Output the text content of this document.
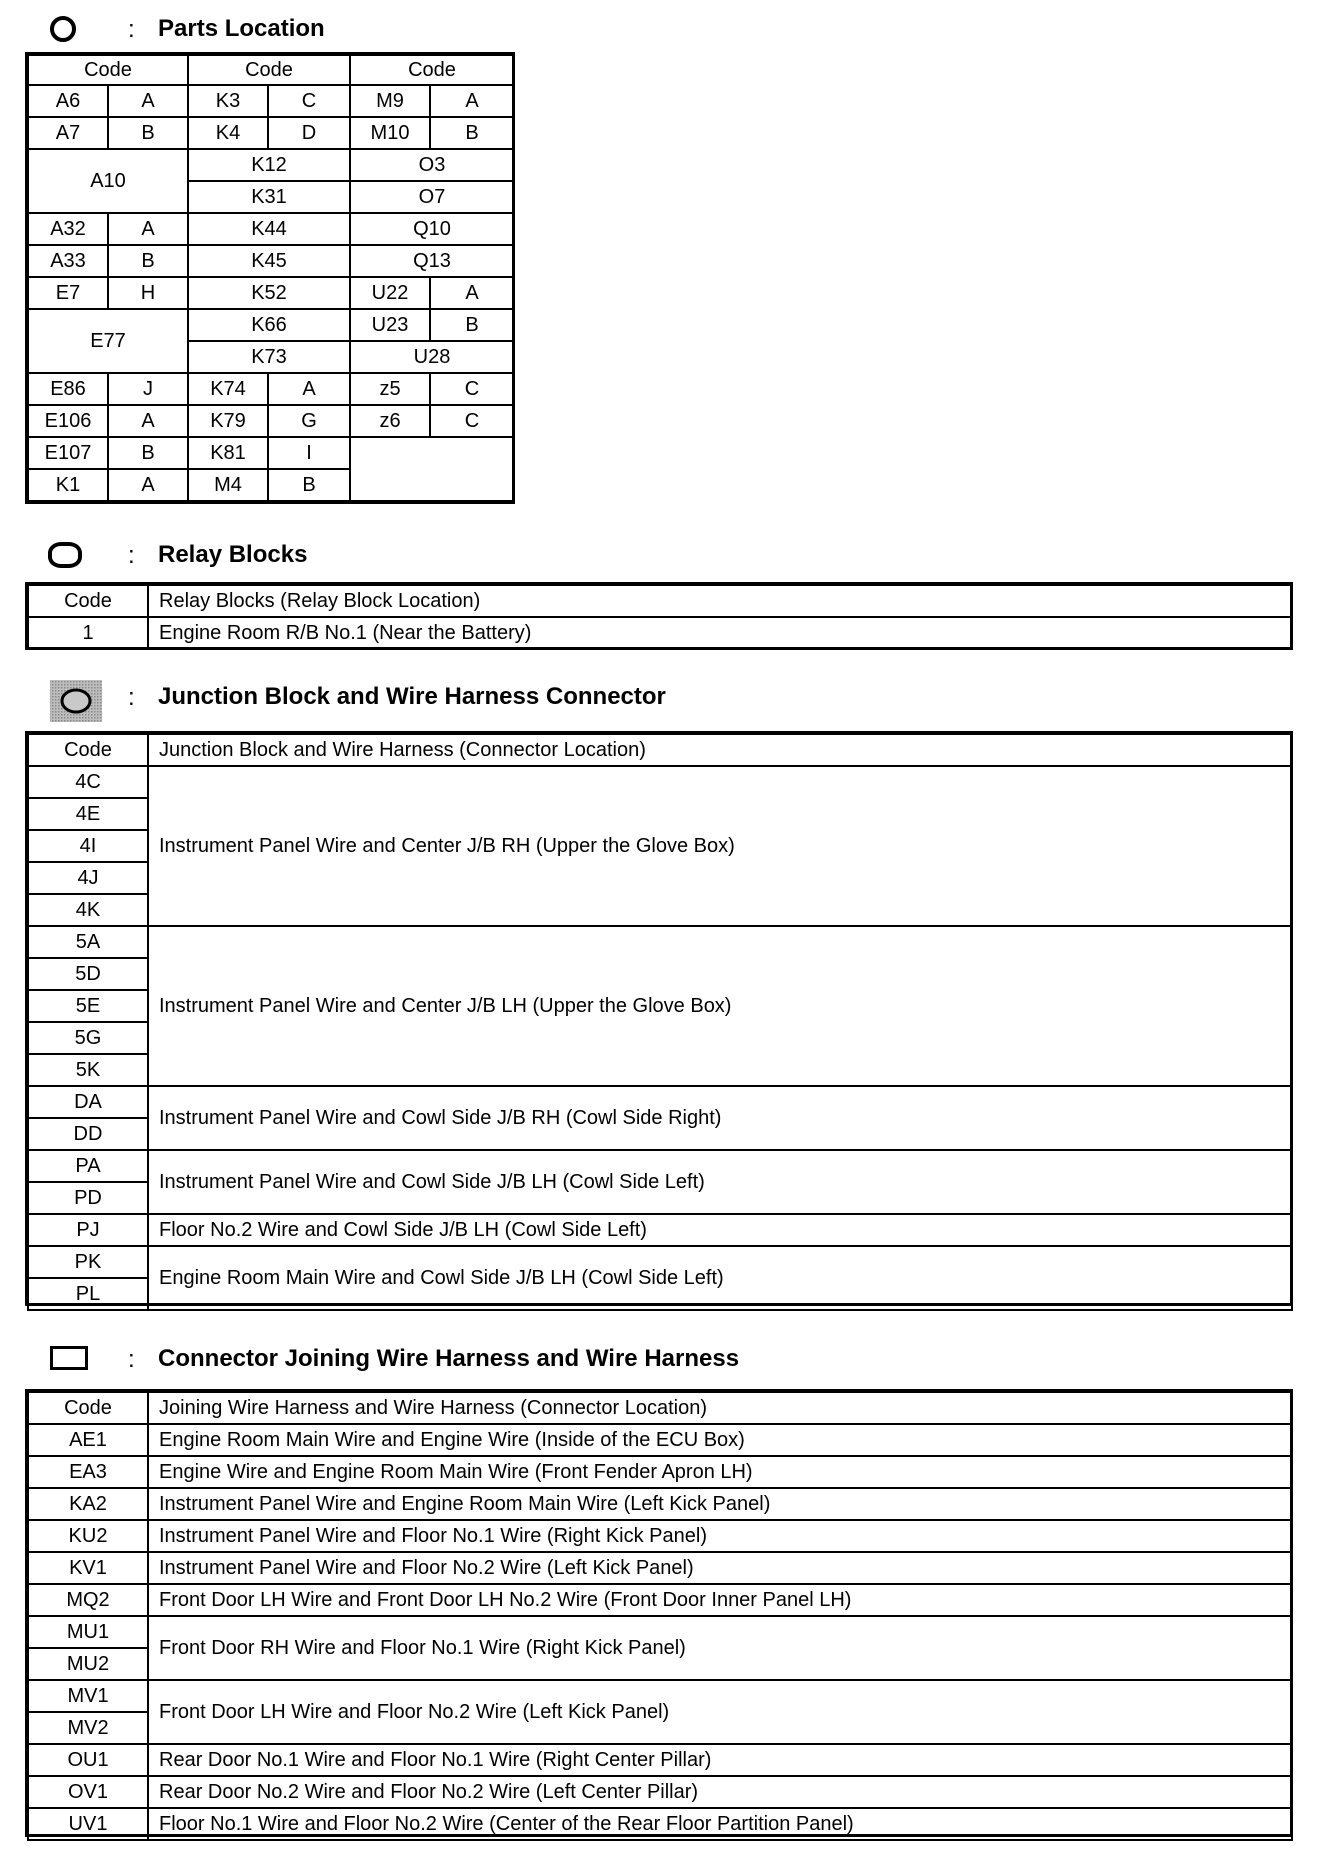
: Parts Location
Code		Code		Code	
A6	A	K3	C	M9	A
A7	B	K4	D	M10	B
A10		K12		O3	
		K31		O7	
A32	A	K44		Q10	
A33	B	K45		Q13	
E7	H	K52		U22	A
E77		K66		U23	B
		K73		U28	
E86	J	K74	A	z5	C
E106	A	K79	G	z6	C
E107	B	K81	I		
K1	A	M4	B		
: Relay Blocks
Code	Relay Blocks (Relay Block Location)
1	Engine Room R/B No.1 (Near the Battery)
: Junction Block and Wire Harness Connector
Code	Junction Block and Wire Harness (Connector Location)
4C	Instrument Panel Wire and Center J/B RH (Upper the Glove Box)
4E	
4I	
4J	
4K	
5A	Instrument Panel Wire and Center J/B LH (Upper the Glove Box)
5D	
5E	
5G	
5K	
DA	Instrument Panel Wire and Cowl Side J/B RH (Cowl Side Right)
DD	
PA	Instrument Panel Wire and Cowl Side J/B LH (Cowl Side Left)
PD	
PJ	Floor No.2 Wire and Cowl Side J/B LH (Cowl Side Left)
PK	Engine Room Main Wire and Cowl Side J/B LH (Cowl Side Left)
PL	
: Connector Joining Wire Harness and Wire Harness
Code	Joining Wire Harness and Wire Harness (Connector Location)
AE1	Engine Room Main Wire and Engine Wire (Inside of the ECU Box)
EA3	Engine Wire and Engine Room Main Wire (Front Fender Apron LH)
KA2	Instrument Panel Wire and Engine Room Main Wire (Left Kick Panel)
KU2	Instrument Panel Wire and Floor No.1 Wire (Right Kick Panel)
KV1	Instrument Panel Wire and Floor No.2 Wire (Left Kick Panel)
MQ2	Front Door LH Wire and Front Door LH No.2 Wire (Front Door Inner Panel LH)
MU1	Front Door RH Wire and Floor No.1 Wire (Right Kick Panel)
MU2	
MV1	Front Door LH Wire and Floor No.2 Wire (Left Kick Panel)
MV2	
OU1	Rear Door No.1 Wire and Floor No.1 Wire (Right Center Pillar)
OV1	Rear Door No.2 Wire and Floor No.2 Wire (Left Center Pillar)
UV1	Floor No.1 Wire and Floor No.2 Wire (Center of the Rear Floor Partition Panel)
